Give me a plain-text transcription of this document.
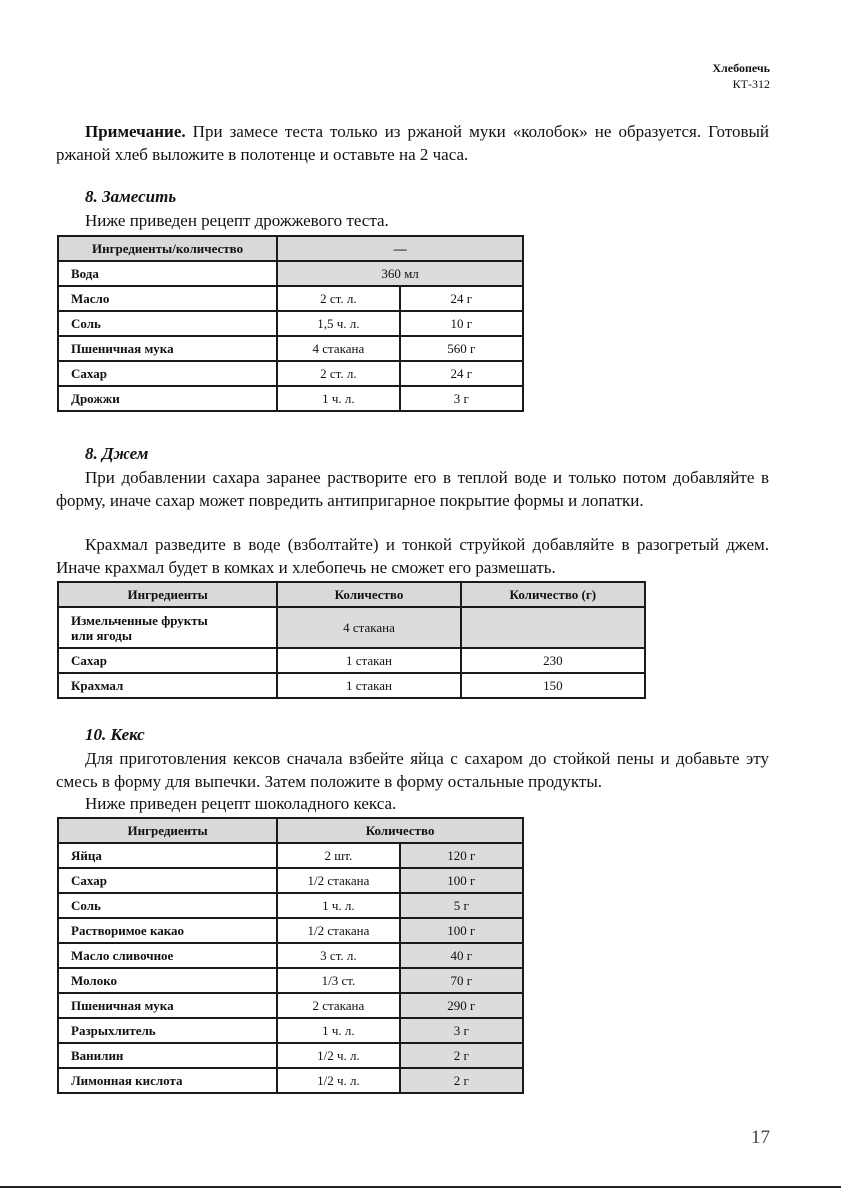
Хлебопечь
КТ-312

Примечание. При замесе теста только из ржаной муки «колобок» не образуется. Готовый ржаной хлеб выложите в полотенце и оставьте на 2 часа.

8. Замесить

Ниже приведен рецепт дрожжевого теста.

Ингредиенты/количество	—	
Вода	360 мл	
Масло	2 ст. л.	24 г
Соль	1,5 ч. л.	10 г
Пшеничная мука	4 стакана	560 г
Сахар	2 ст. л.	24 г
Дрожжи	1 ч. л.	3 г

8. Джем

При добавлении сахара заранее растворите его в теплой воде и только потом добавляйте в форму, иначе сахар может повредить антипригарное покрытие формы и лопатки.

Крахмал разведите в воде (взболтайте) и тонкой струйкой добавляйте в разогретый джем. Иначе крахмал будет в комках и хлебопечь не сможет его размешать.

Ингредиенты	Количество	Количество (г)

Измельченные фрукты
или ягоды	4 стакана	
Сахар	1 стакан	230
Крахмал	1 стакан	150

10. Кекс

Для приготовления кексов сначала взбейте яйца с сахаром до стойкой пены и добавьте эту смесь в форму для выпечки. Затем положите в форму остальные продукты.

Ниже приведен рецепт шоколадного кекса.

Ингредиенты	Количество	
Яйца	2 шт.	120 г
Сахар	1/2 стакана	100 г
Соль	1 ч. л.	5 г
Растворимое какао	1/2 стакана	100 г
Масло сливочное	3 ст. л.	40 г
Молоко	1/3 ст.	70 г
Пшеничная мука	2 стакана	290 г
Разрыхлитель	1 ч. л.	3 г
Ванилин	1/2 ч. л.	2 г
Лимонная кислота	1/2 ч. л.	2 г
17
